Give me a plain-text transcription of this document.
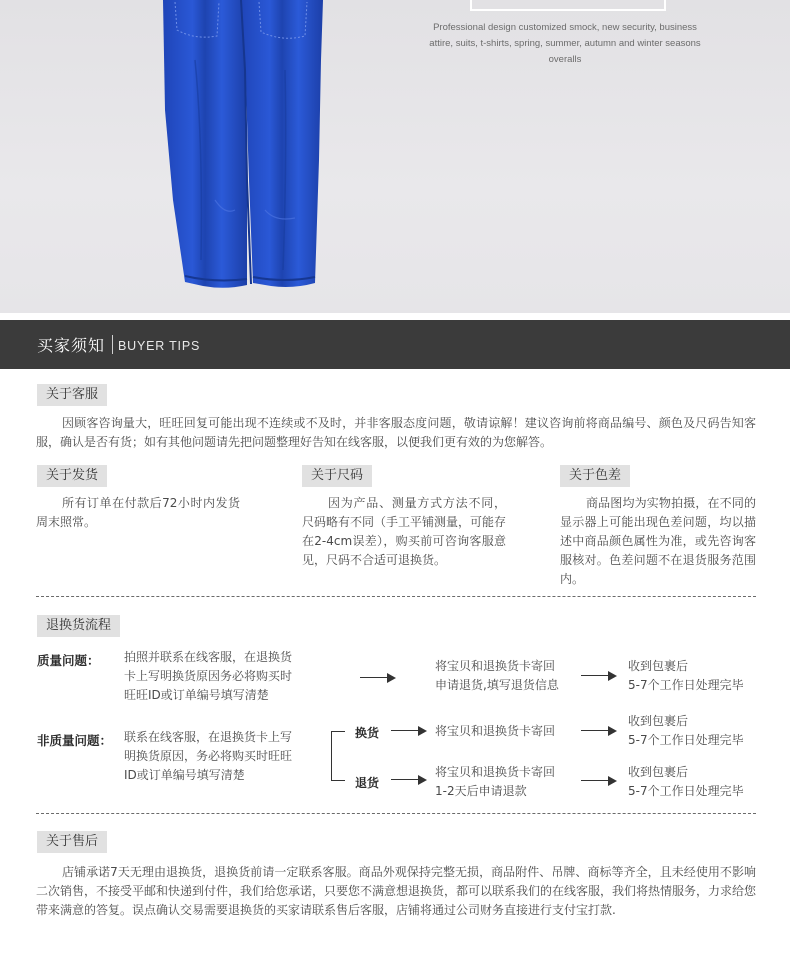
Professional design customized smock, new security, business attire, suits, t-shirts, spring, summer, autumn and winter seasons overalls
买家须知 BUYER TIPS
关于客服
因顾客咨询量大，旺旺回复可能出现不连续或不及时，并非客服态度问题，敬请谅解！建议咨询前将商品编号、颜色及尺码告知客服，确认是否有货；如有其他问题请先把问题整理好告知在线客服，以便我们更有效的为您解答。
关于发货
所有订单在付款后72小时内发货周末照常。
关于尺码
因为产品、测量方式方法不同，尺码略有不同（手工平铺测量，可能存在2-4cm误差），购买前可咨询客服意见，尺码不合适可退换货。
关于色差
商品图均为实物拍摄，在不同的显示器上可能出现色差问题，均以描述中商品颜色属性为准，或先咨询客服核对。色差问题不在退货服务范围内。
退换货流程
质量问题： 拍照并联系在线客服，在退换货
卡上写明换货原因务必将购买时
旺旺ID或订单编号填写清楚
将宝贝和退换货卡寄回
申请退货,填写退货信息
收到包裹后
5-7个工作日处理完毕
非质量问题： 联系在线客服，在退换货卡上写
明换货原因，务必将购买时旺旺
ID或订单编号填写清楚
换货	将宝贝和退换货卡寄回
收到包裹后
5-7个工作日处理完毕
退货
将宝贝和退换货卡寄回
1-2天后申请退款
收到包裹后
5-7个工作日处理完毕
关于售后
店铺承诺7天无理由退换货，退换货前请一定联系客服。商品外观保持完整无损，商品附件、吊牌、商标等齐全，且未经使用不影响二次销售，不接受平邮和快递到付件，我们给您承诺，只要您不满意想退换货，都可以联系我们的在线客服，我们将热情服务，力求给您带来满意的答复。误点确认交易需要退换货的买家请联系售后客服，店铺将通过公司财务直接进行支付宝打款.
